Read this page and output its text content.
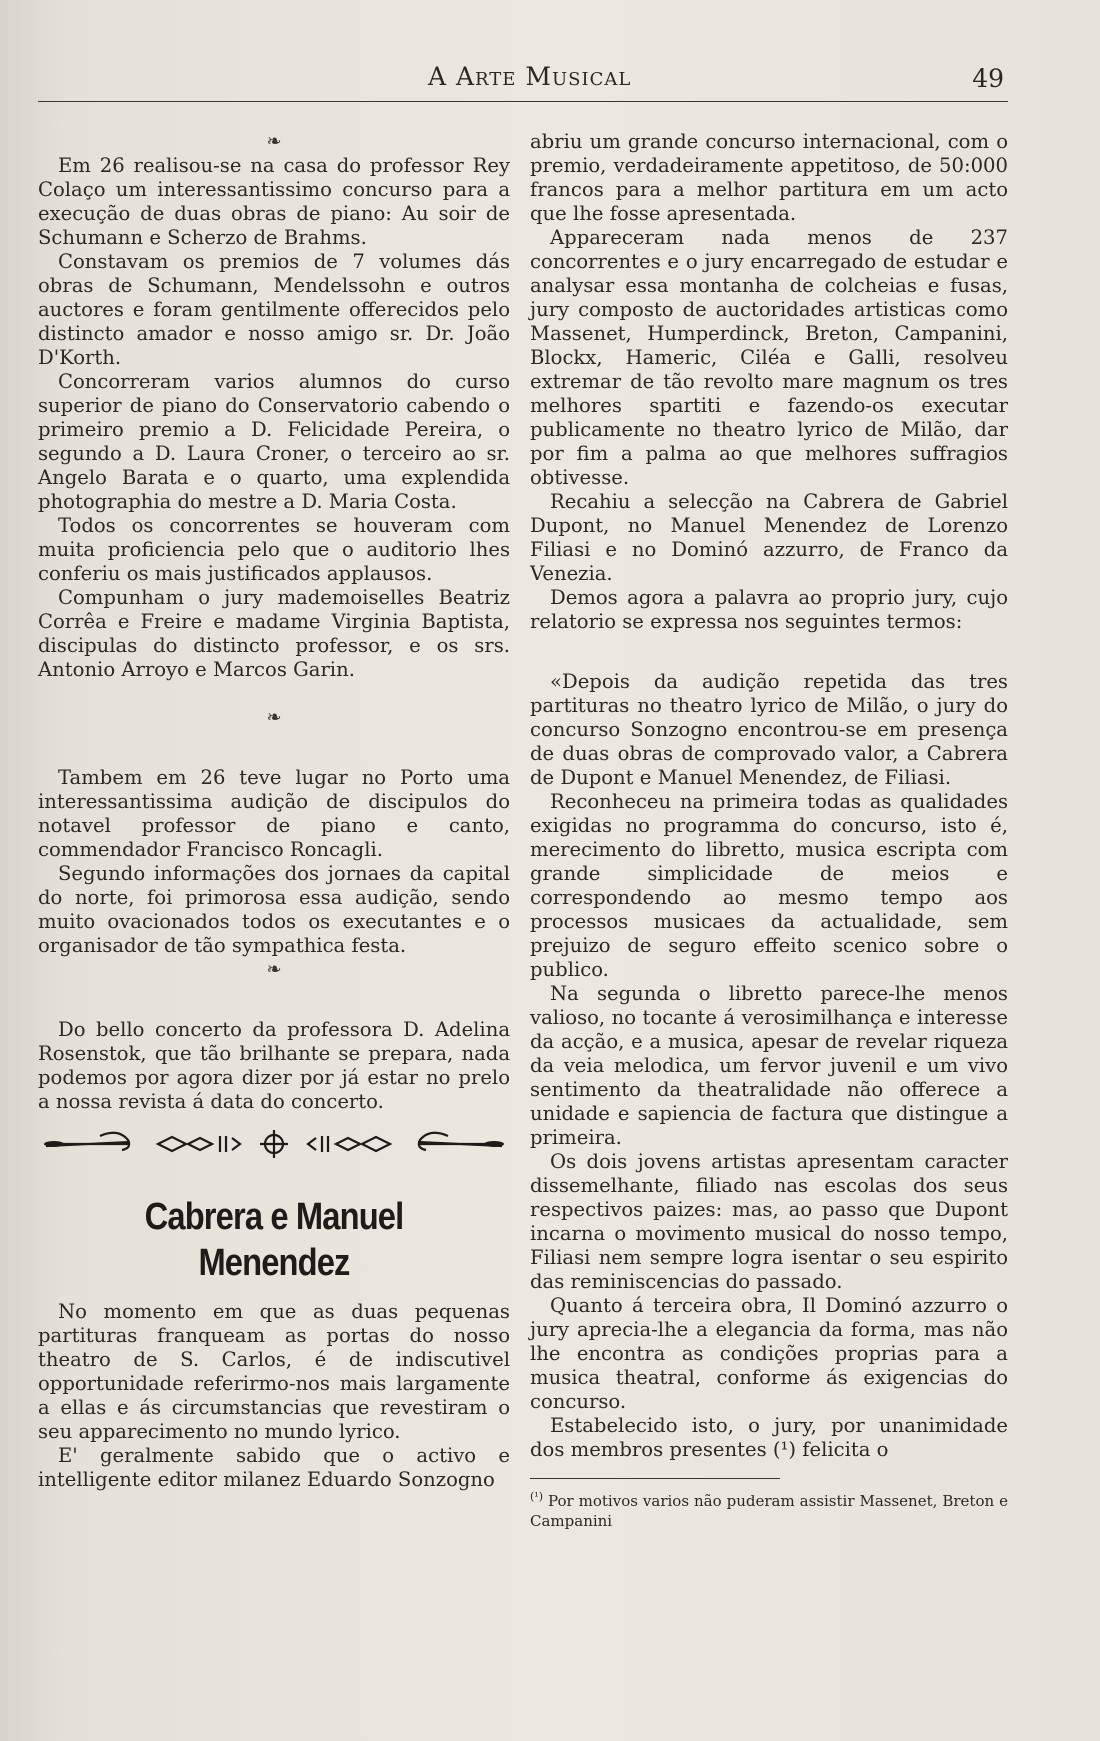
A Arte Musical	49
❧

Em 26 realisou-se na casa do professor Rey Colaço um interessantissimo concurso para a execução de duas obras de piano: Au soir de Schumann e Scherzo de Brahms.

Constavam os premios de 7 volumes dás obras de Schumann, Mendelssohn e outros auctores e foram gentilmente offerecidos pelo distincto amador e nosso amigo sr. Dr. João D'Korth.

Concorreram varios alumnos do curso superior de piano do Conservatorio cabendo o primeiro premio a D. Felicidade Pereira, o segundo a D. Laura Croner, o terceiro ao sr. Angelo Barata e o quarto, uma explendida photographia do mestre a D. Maria Costa.

Todos os concorrentes se houveram com muita proficiencia pelo que o auditorio lhes conferiu os mais justificados applausos.

Compunham o jury mademoiselles Beatriz Corrêa e Freire e madame Virginia Baptista, discipulas do distincto professor, e os srs. Antonio Arroyo e Marcos Garin.

❧

Tambem em 26 teve lugar no Porto uma interessantissima audição de discipulos do notavel professor de piano e canto, commendador Francisco Roncagli.

Segundo informações dos jornaes da capital do norte, foi primorosa essa audição, sendo muito ovacionados todos os executantes e o organisador de tão sympathica festa.

❧

Do bello concerto da professora D. Adelina Rosenstok, que tão brilhante se prepara, nada podemos por agora dizer por já estar no prelo a nossa revista á data do concerto.

Cabrera e Manuel Menendez

No momento em que as duas pequenas partituras franqueam as portas do nosso theatro de S. Carlos, é de indiscutivel opportunidade referirmo-nos mais largamente a ellas e ás circumstancias que revestiram o seu apparecimento no mundo lyrico.

E' geralmente sabido que o activo e intelligente editor milanez Eduardo Sonzogno

abriu um grande concurso internacional, com o premio, verdadeiramente appetitoso, de 50:000 francos para a melhor partitura em um acto que lhe fosse apresentada.

Appareceram nada menos de 237 concorrentes e o jury encarregado de estudar e analysar essa montanha de colcheias e fusas, jury composto de auctoridades artisticas como Massenet, Humperdinck, Breton, Campanini, Blockx, Hameric, Ciléa e Galli, resolveu extremar de tão revolto mare magnum os tres melhores spartiti e fazendo-os executar publicamente no theatro lyrico de Milão, dar por fim a palma ao que melhores suffragios obtivesse.

Recahiu a selecção na Cabrera de Gabriel Dupont, no Manuel Menendez de Lorenzo Filiasi e no Dominó azzurro, de Franco da Venezia.

Demos agora a palavra ao proprio jury, cujo relatorio se expressa nos seguintes termos:

«Depois da audição repetida das tres partituras no theatro lyrico de Milão, o jury do concurso Sonzogno encontrou-se em presença de duas obras de comprovado valor, a Cabrera de Dupont e Manuel Menendez, de Filiasi.

Reconheceu na primeira todas as qualidades exigidas no programma do concurso, isto é, merecimento do libretto, musica escripta com grande simplicidade de meios e correspondendo ao mesmo tempo aos processos musicaes da actualidade, sem prejuizo de seguro effeito scenico sobre o publico.

Na segunda o libretto parece-lhe menos valioso, no tocante á verosimilhança e interesse da acção, e a musica, apesar de revelar riqueza da veia melodica, um fervor juvenil e um vivo sentimento da theatralidade não offerece a unidade e sapiencia de factura que distingue a primeira.

Os dois jovens artistas apresentam caracter dissemelhante, filiado nas escolas dos seus respectivos paizes: mas, ao passo que Dupont incarna o movimento musical do nosso tempo, Filiasi nem sempre logra isentar o seu espirito das reminiscencias do passado.

Quanto á terceira obra, Il Dominó azzurro o jury aprecia-lhe a elegancia da forma, mas não lhe encontra as condições proprias para a musica theatral, conforme ás exigencias do concurso.

Estabelecido isto, o jury, por unanimidade dos membros presentes (¹) felicita o

$^{(^1)}$ Por motivos varios não puderam assistir Massenet, Breton e Campanini
